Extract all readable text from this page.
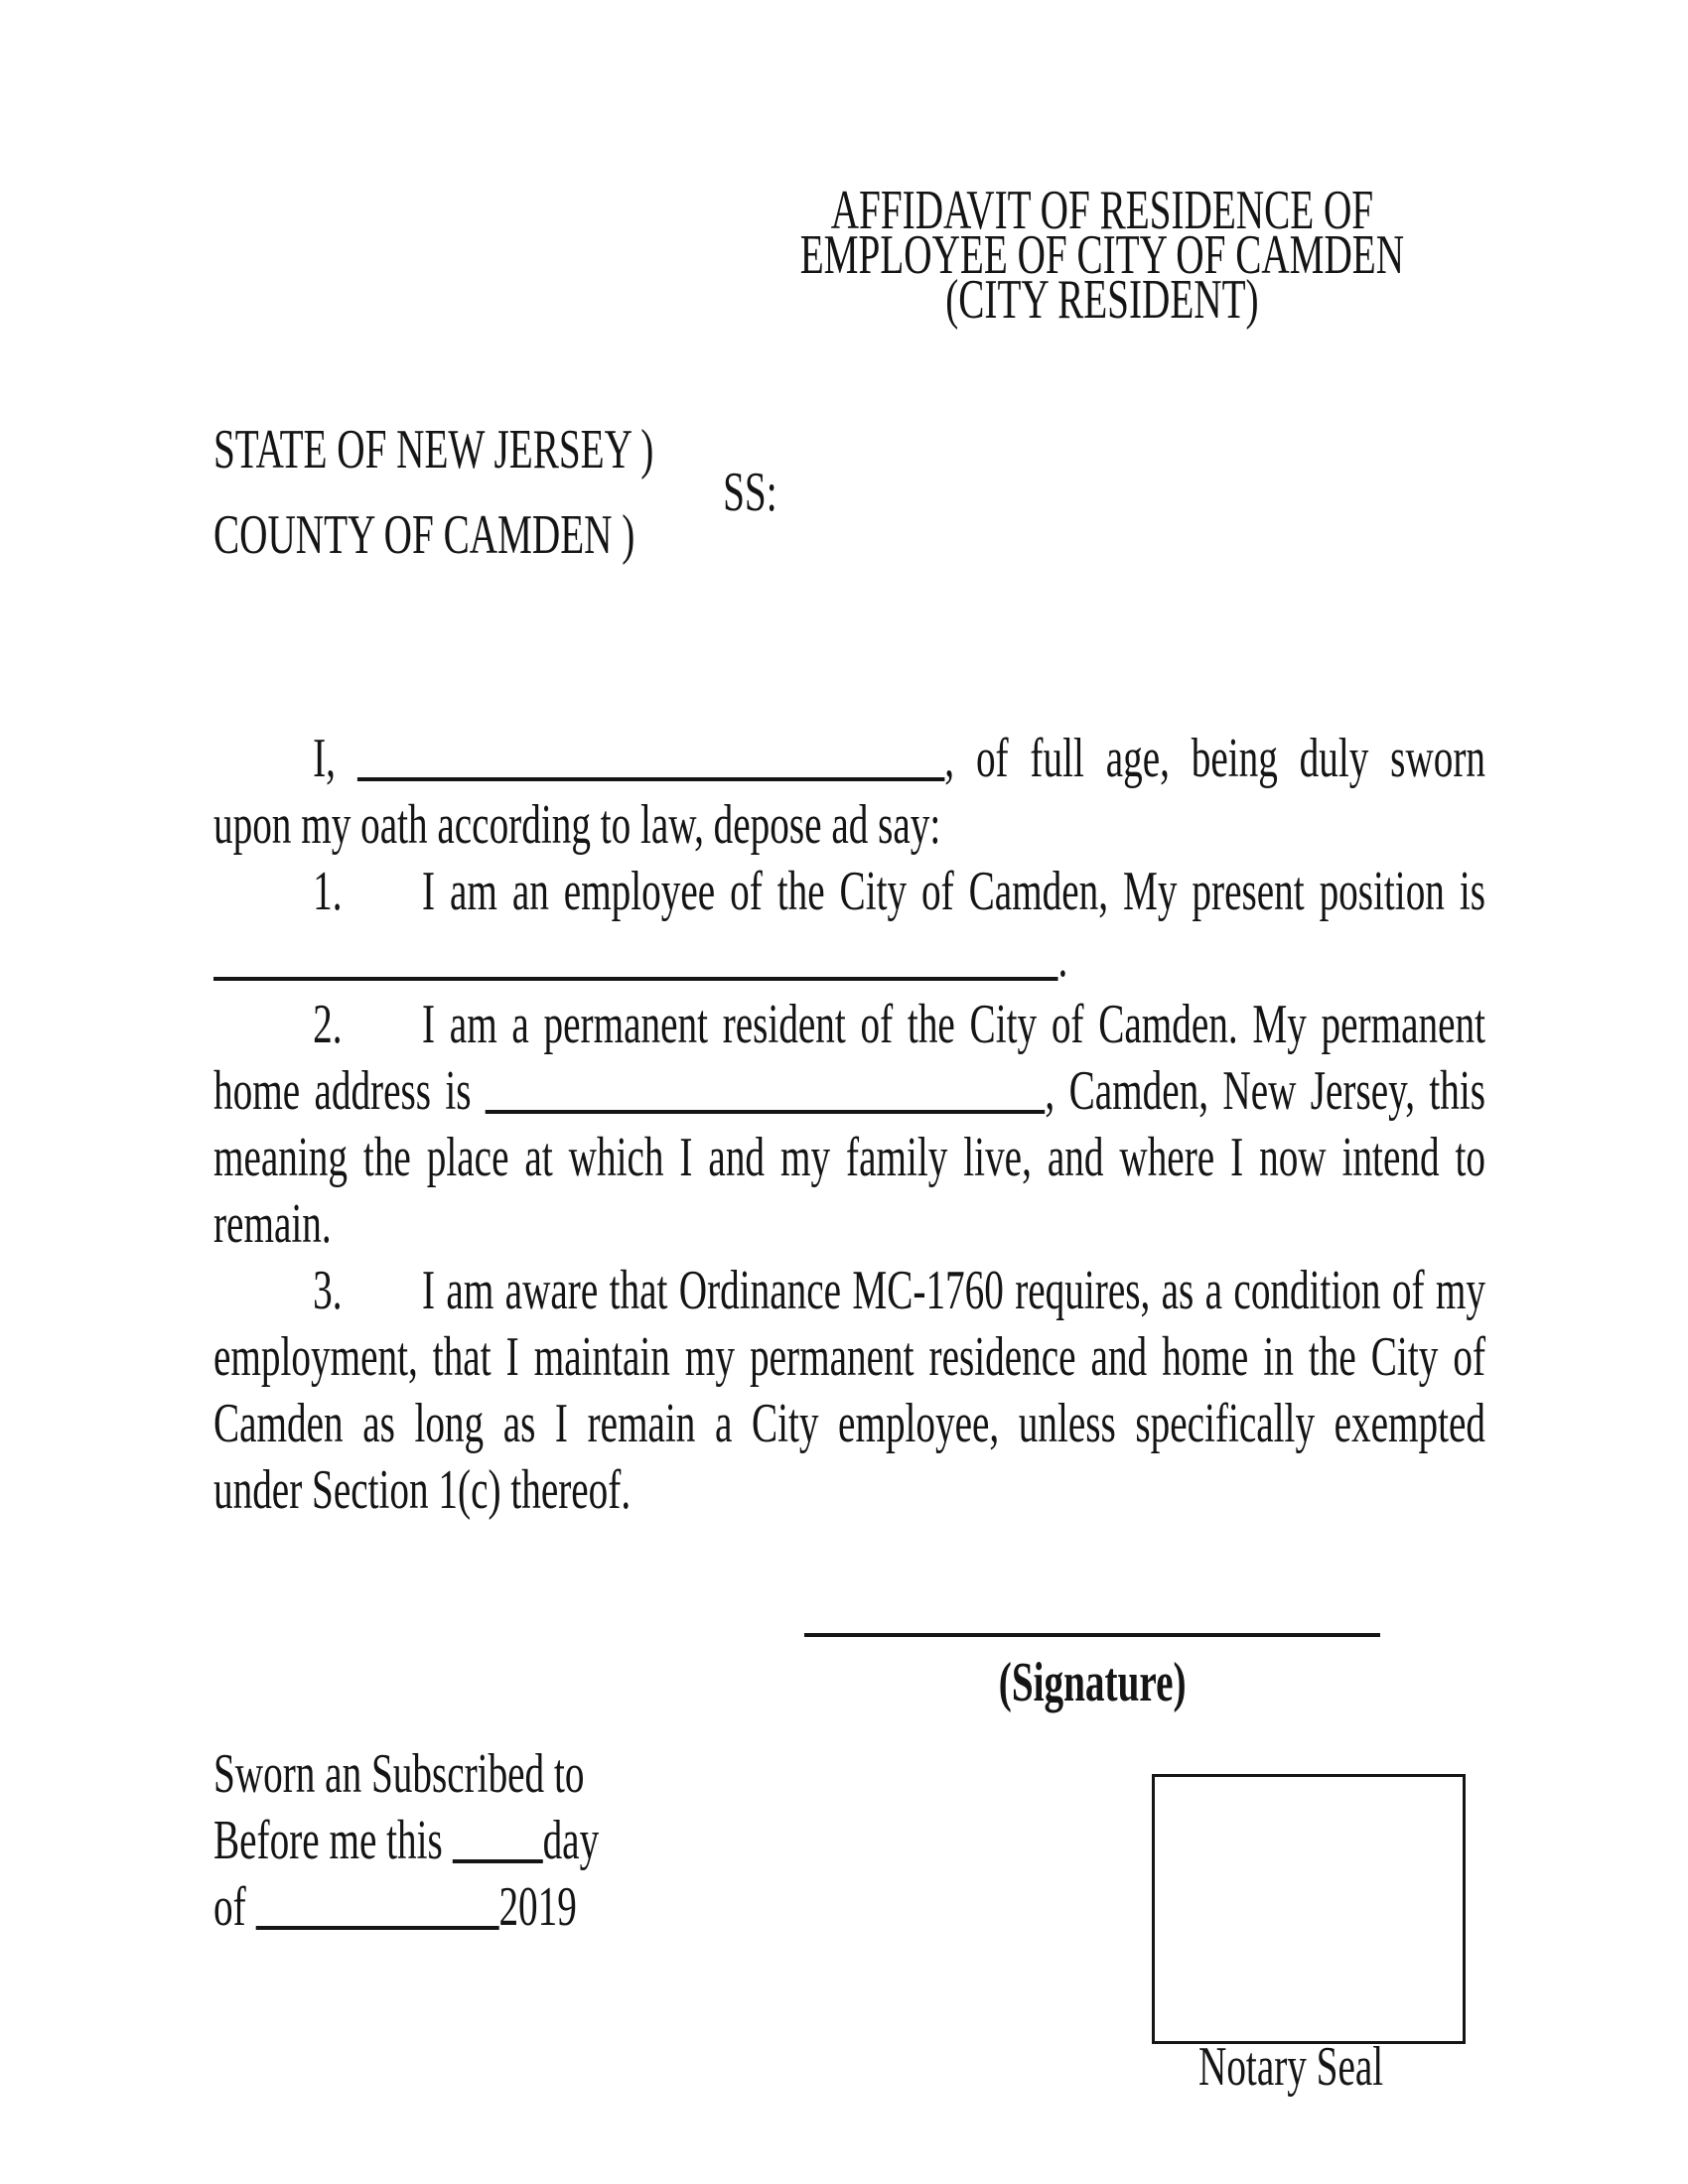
AFFIDAVIT OF RESIDENCE OF
EMPLOYEE OF CITY OF CAMDEN
(CITY RESIDENT)
STATE OF NEW JERSEY )
SS:
COUNTY OF CAMDEN )
I,	, of full age, being duly sworn
upon my oath according to law, depose ad say:
1. I am an employee of the City of Camden, My present position is
.
2. I am a permanent resident of the City of Camden. My permanent
home address is	, Camden, New Jersey, this
meaning the place at which I and my family live, and where I now intend to
remain.
3. I am aware that Ordinance MC-1760 requires, as a condition of my
employment, that I maintain my permanent residence and home in the City of
Camden as long as I remain a City employee, unless specifically exempted
under Section 1(c) thereof.
(Signature)
Sworn an Subscribed to
Before me this day
of	2019
Notary Seal
